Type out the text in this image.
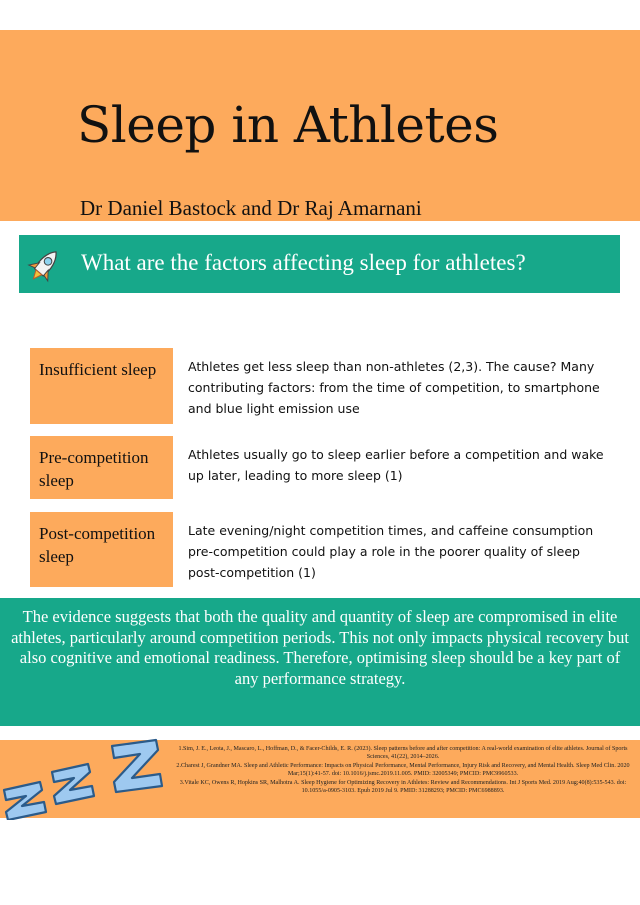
Sleep in Athletes
Dr Daniel Bastock and Dr Raj Amarnani
What are the factors affecting sleep for athletes?
Insufficient sleep	Athletes get less sleep than non-athletes (2,3). The cause? Many contributing factors: from the time of competition, to smartphone and blue light emission use
Pre-competition sleep
Athletes usually go to sleep earlier before a competition and wake up later, leading to more sleep (1)
Post-competition sleep
Late evening/night competition times, and caffeine consumption pre-competition could play a role in the poorer quality of sleep post-competition (1)
The evidence suggests that both the quality and quantity of sleep are compromised in elite athletes, particularly around competition periods. This not only impacts physical recovery but also cognitive and emotional readiness. Therefore, optimising sleep should be a key part of any performance strategy.
1.Sim, J. E., Leota, J., Mascaro, L., Hoffman, D., & Facer-Childs, E. R. (2023). Sleep patterns before and after competition: A real-world examination of elite athletes. Journal of Sports Sciences, 41(22), 2014–2026.
2.Charest J, Grandner MA. Sleep and Athletic Performance: Impacts on Physical Performance, Mental Performance, Injury Risk and Recovery, and Mental Health. Sleep Med Clin. 2020 Mar;15(1):41-57. doi: 10.1016/j.jsmc.2019.11.005. PMID: 32005349; PMCID: PMC9960533.
3.Vitale KC, Owens R, Hopkins SR, Malhotra A. Sleep Hygiene for Optimizing Recovery in Athletes: Review and Recommendations. Int J Sports Med. 2019 Aug;40(8):535-543. doi: 10.1055/a-0905-3103. Epub 2019 Jul 9. PMID: 31288293; PMCID: PMC6988893.
